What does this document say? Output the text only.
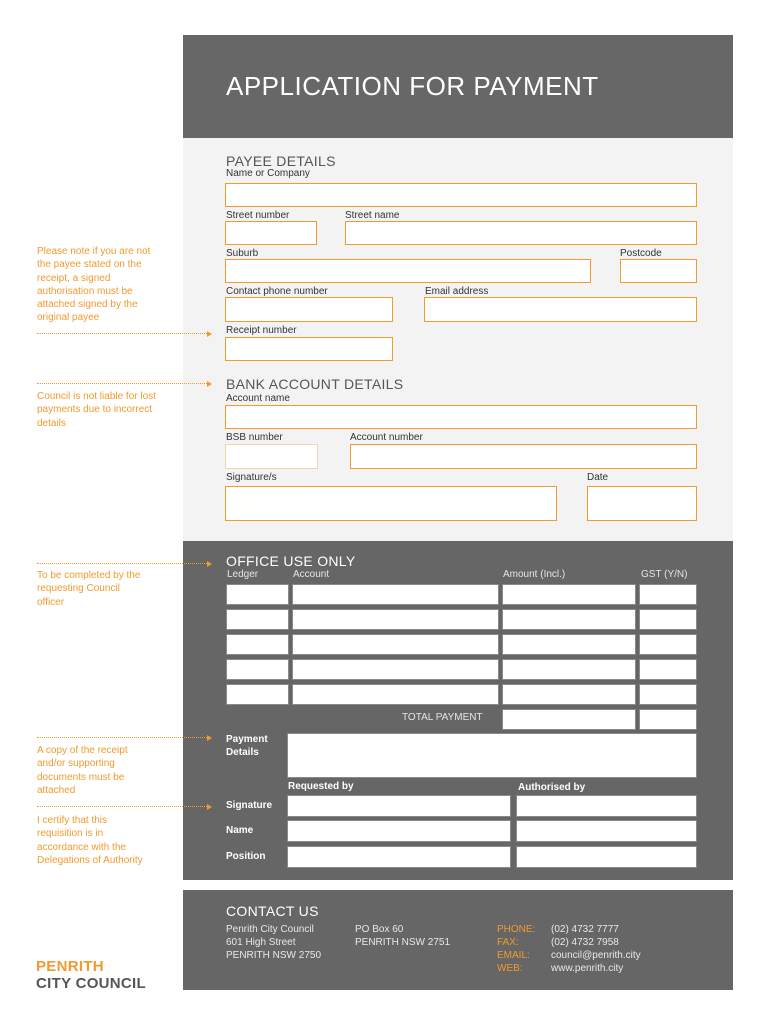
APPLICATION FOR PAYMENT
PAYEE DETAILS
Name or Company
Street number	Street name
Suburb	Postcode
Contact phone number	Email address
Receipt number
BANK ACCOUNT DETAILS
Account name
BSB number	Account number
Signature/s	Date
OFFICE USE ONLY
Ledger	Account	Amount (Incl.)	GST (Y/N)
TOTAL PAYMENT
Payment Details
Requested by	Authorised by
Signature
Name
Position
Please note if you are not the payee stated on the receipt, a signed authorisation must be attached signed by the original payee
Council is not liable for lost payments due to incorrect details
To be completed by the requesting Council officer
A copy of the receipt and/or supporting documents must be attached
I certify that this requisition is in accordance with the Delegations of Authority
CONTACT US
Penrith City Council
601 High Street
PENRITH NSW 2750
PO Box 60
PENRITH NSW 2751
PHONE: (02) 4732 7777
FAX:	(02) 4732 7958
EMAIL: council@penrith.city
WEB:	www.penrith.city
PENRITH
CITY COUNCIL
